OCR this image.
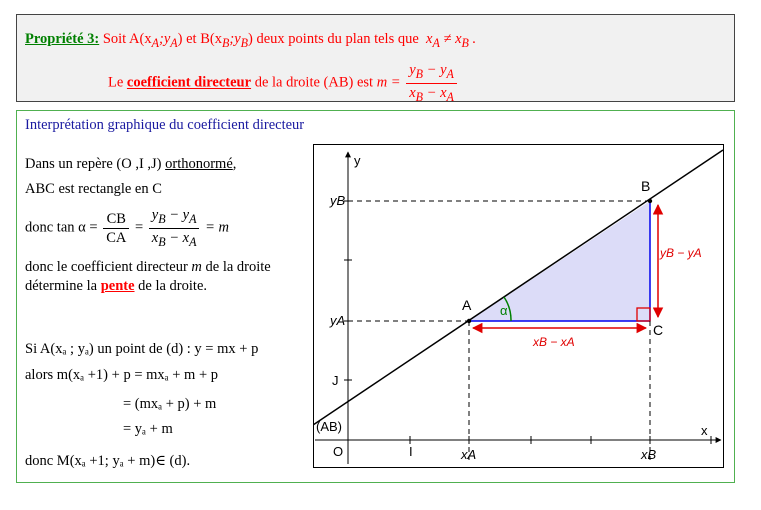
Propriété 3: Soit $A(x_A;y_A)$ et $B(x_B;y_B)$ deux points du plan tels que $x_A \ne x_B$ .
Le coefficient directeur de la droite (AB) est $m = \frac{y_B - y_A}{x_B - x_A}$
Interprétation graphique du coefficient directeur
Dans un repère (O ,I ,J) orthonormé,
ABC est rectangle en C
donc $\tan \alpha = \frac{CB}{CA} = \frac{y_B - y_A}{x_B - x_A} = m$
donc le coefficient directeur m de la droite
détermine la pente de la droite.
Si A(xₐ ; yₐ) un point de (d) : y = mx + p
alors m(xₐ +1) + p = mxₐ + m + p
= (mxₐ + p) + m
= yₐ + m
donc M(xₐ +1; yₐ + m)∈ (d).
α
A
B
C
xB − xA
yB − yA
y
x
O
J
I
yB
yA
xA	xB
(AB)
